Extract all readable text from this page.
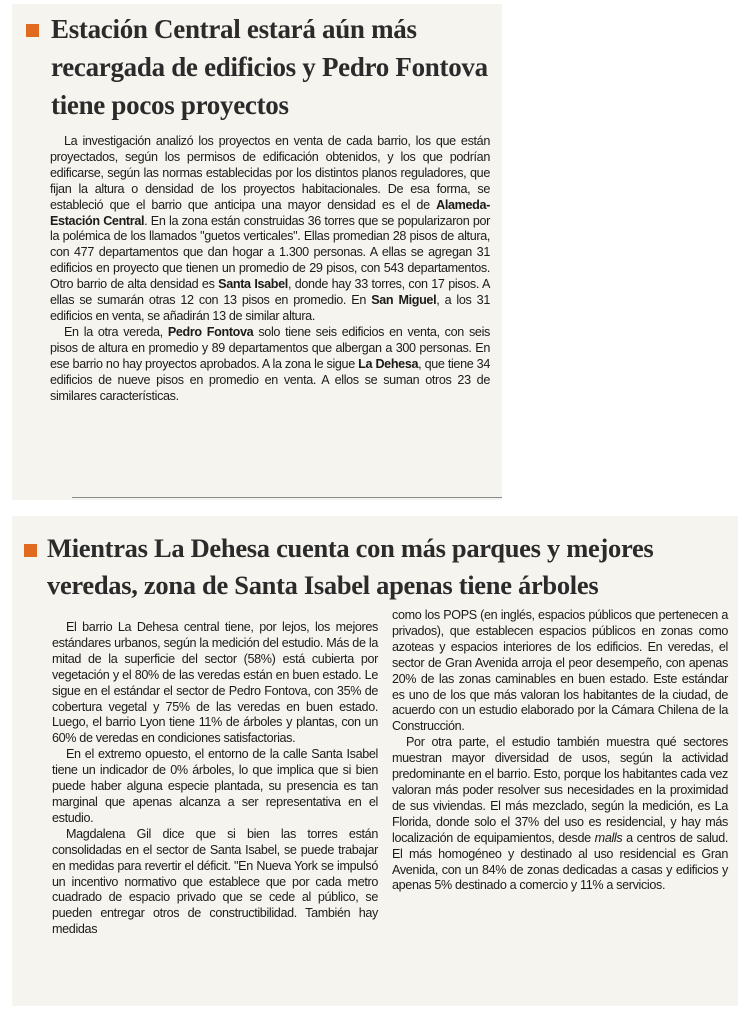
Estación Central estará aún más recargada de edificios y Pedro Fontova tiene pocos proyectos

La investigación analizó los proyectos en venta de cada barrio, los que están proyectados, según los permisos de edificación obtenidos, y los que podrían edificarse, según las normas establecidas por los distintos planos reguladores, que fijan la altura o densidad de los proyectos habitacionales. De esa forma, se estableció que el barrio que anticipa una mayor densidad es el de Alameda-Estación Central. En la zona están construidas 36 torres que se popularizaron por la polémica de los llamados "guetos verticales". Ellas promedian 28 pisos de altura, con 477 departamentos que dan hogar a 1.300 personas. A ellas se agregan 31 edificios en proyecto que tienen un promedio de 29 pisos, con 543 departamentos. Otro barrio de alta densidad es Santa Isabel, donde hay 33 torres, con 17 pisos. A ellas se sumarán otras 12 con 13 pisos en promedio. En San Miguel, a los 31 edificios en venta, se añadirán 13 de similar altura.

En la otra vereda, Pedro Fontova solo tiene seis edificios en venta, con seis pisos de altura en promedio y 89 departamentos que albergan a 300 personas. En ese barrio no hay proyectos aprobados. A la zona le sigue La Dehesa, que tiene 34 edificios de nueve pisos en promedio en venta. A ellos se suman otros 23 de similares características.

Mientras La Dehesa cuenta con más parques y mejores veredas, zona de Santa Isabel apenas tiene árboles

El barrio La Dehesa central tiene, por lejos, los mejores estándares urbanos, según la medición del estudio. Más de la mitad de la superficie del sector (58%) está cubierta por vegetación y el 80% de las veredas están en buen estado. Le sigue en el estándar el sector de Pedro Fontova, con 35% de cobertura vegetal y 75% de las veredas en buen estado. Luego, el barrio Lyon tiene 11% de árboles y plantas, con un 60% de veredas en condiciones satisfactorias.

En el extremo opuesto, el entorno de la calle Santa Isabel tiene un indicador de 0% árboles, lo que implica que si bien puede haber alguna especie plantada, su presencia es tan marginal que apenas alcanza a ser representativa en el estudio.

Magdalena Gil dice que si bien las torres están consolidadas en el sector de Santa Isabel, se puede trabajar en medidas para revertir el déficit. "En Nueva York se impulsó un incentivo normativo que establece que por cada metro cuadrado de espacio privado que se cede al público, se pueden entregar otros de constructibilidad. También hay medidas

como los POPS (en inglés, espacios públicos que pertenecen a privados), que establecen espacios públicos en zonas como azoteas y espacios interiores de los edificios. En veredas, el sector de Gran Avenida arroja el peor desempeño, con apenas 20% de las zonas caminables en buen estado. Este estándar es uno de los que más valoran los habitantes de la ciudad, de acuerdo con un estudio elaborado por la Cámara Chilena de la Construcción.

Por otra parte, el estudio también muestra qué sectores muestran mayor diversidad de usos, según la actividad predominante en el barrio. Esto, porque los habitantes cada vez valoran más poder resolver sus necesidades en la proximidad de sus viviendas. El más mezclado, según la medición, es La Florida, donde solo el 37% del uso es residencial, y hay más localización de equipamientos, desde malls a centros de salud. El más homogéneo y destinado al uso residencial es Gran Avenida, con un 84% de zonas dedicadas a casas y edificios y apenas 5% destinado a comercio y 11% a servicios.
